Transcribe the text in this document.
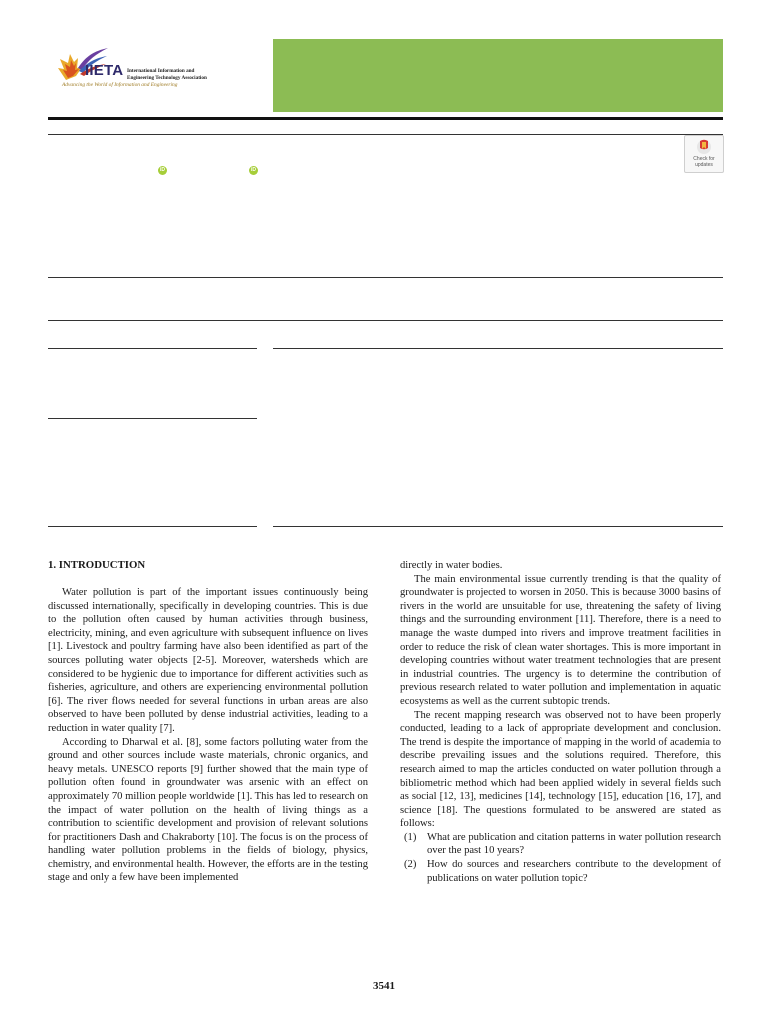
IIETA International Information and
Engineering Technology Association
Advancing the World of Information and Engineering
iD	iD
Check for updates
1. INTRODUCTION

Water pollution is part of the important issues continuously being discussed internationally, specifically in developing countries. This is due to the pollution often caused by human activities through business, electricity, mining, and even agriculture with subsequent influence on lives [1]. Livestock and poultry farming have also been identified as part of the sources polluting water objects [2-5]. Moreover, watersheds which are considered to be hygienic due to importance for different activities such as fisheries, agriculture, and others are experiencing environmental pollution [6]. The river flows needed for several functions in urban areas are also observed to have been polluted by dense industrial activities, leading to a reduction in water quality [7].

According to Dharwal et al. [8], some factors polluting water from the ground and other sources include waste materials, chronic organics, and heavy metals. UNESCO reports [9] further showed that the main type of pollution often found in groundwater was arsenic with an effect on approximately 70 million people worldwide [1]. This has led to research on the impact of water pollution on the health of living things as a contribution to scientific development and provision of relevant solutions for practitioners Dash and Chakraborty [10]. The focus is on the process of handling water pollution problems in the fields of biology, physics, chemistry, and environmental health. However, the efforts are in the testing stage and only a few have been implemented

directly in water bodies.

The main environmental issue currently trending is that the quality of groundwater is projected to worsen in 2050. This is because 3000 basins of rivers in the world are unsuitable for use, threatening the safety of living things and the surrounding environment [11]. Therefore, there is a need to manage the waste dumped into rivers and improve treatment facilities in order to reduce the risk of clean water shortages. This is more important in developing countries without water treatment technologies that are present in industrial countries. The urgency is to determine the contribution of previous research related to water pollution and implementation in aquatic ecosystems as well as the current subtopic trends.

The recent mapping research was observed not to have been properly conducted, leading to a lack of appropriate development and conclusion. The trend is despite the importance of mapping in the world of academia to describe prevailing issues and the solutions required. Therefore, this research aimed to map the articles conducted on water pollution through a bibliometric method which had been applied widely in several fields such as social [12, 13], medicines [14], technology [15], education [16, 17], and science [18]. The questions formulated to be answered are stated as follows:

(1) What are publication and citation patterns in water pollution research over the past 10 years?
(2) How do sources and researchers contribute to the development of publications on water pollution topic?
3541
